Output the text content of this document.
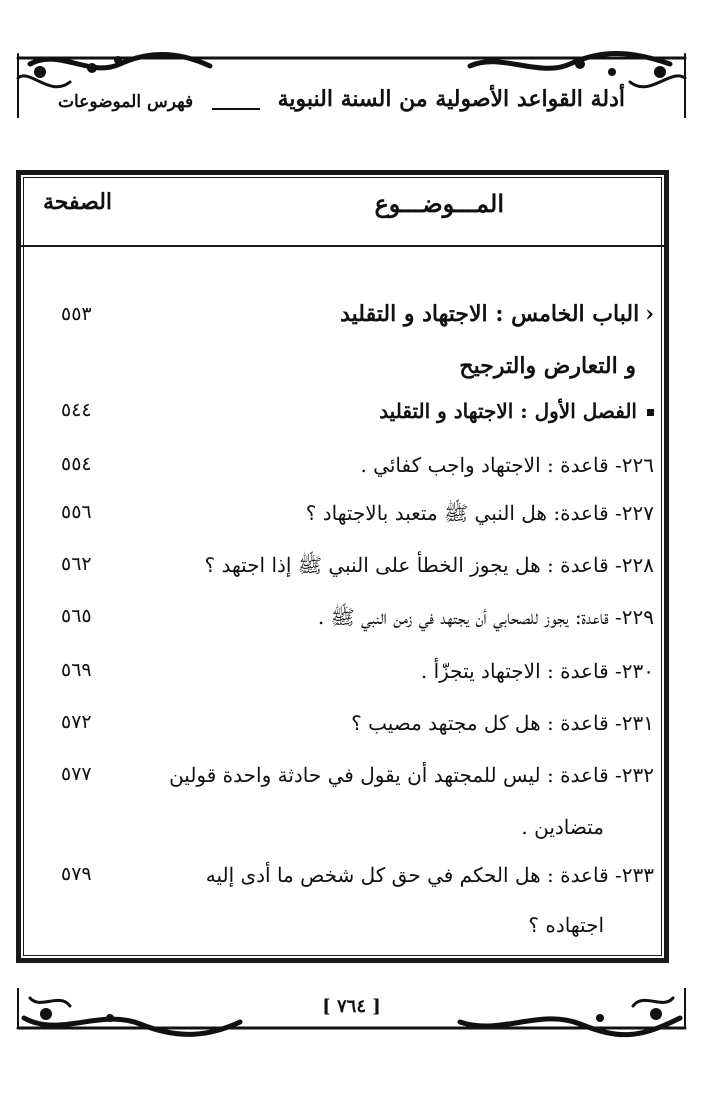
أدلة القواعد الأصولية من السنة النبوية
فهرس الموضوعات
المـــوضـــوع
الصفحة
‹الباب الخامس : الاجتهاد و التقليد
٥٥٣
و التعارض والترجيح
الفصل الأول : الاجتهاد و التقليد
٥٤٤
٢٢٦- قاعدة : الاجتهاد واجب كفائي .
٥٥٤
٢٢٧- قاعدة: هل النبي ﷺ متعبد بالاجتهاد ؟
٥٥٦
٢٢٨- قاعدة : هل يجوز الخطأ على النبي ﷺ إذا اجتهد ؟
٥٦٢
٢٢٩- قاعدة: يجوز للصحابي أن يجتهد في زمن النبي ﷺ .
٥٦٥
٢٣٠- قاعدة : الاجتهاد يتجزّأ .
٥٦٩
٢٣١- قاعدة : هل كل مجتهد مصيب ؟
٥٧٢
٢٣٢- قاعدة : ليس للمجتهد أن يقول في حادثة واحدة قولين
٥٧٧
متضادين .
٢٣٣- قاعدة : هل الحكم في حق كل شخص ما أدى إليه
٥٧٩
اجتهاده ؟
[ ٧٦٤ ]
